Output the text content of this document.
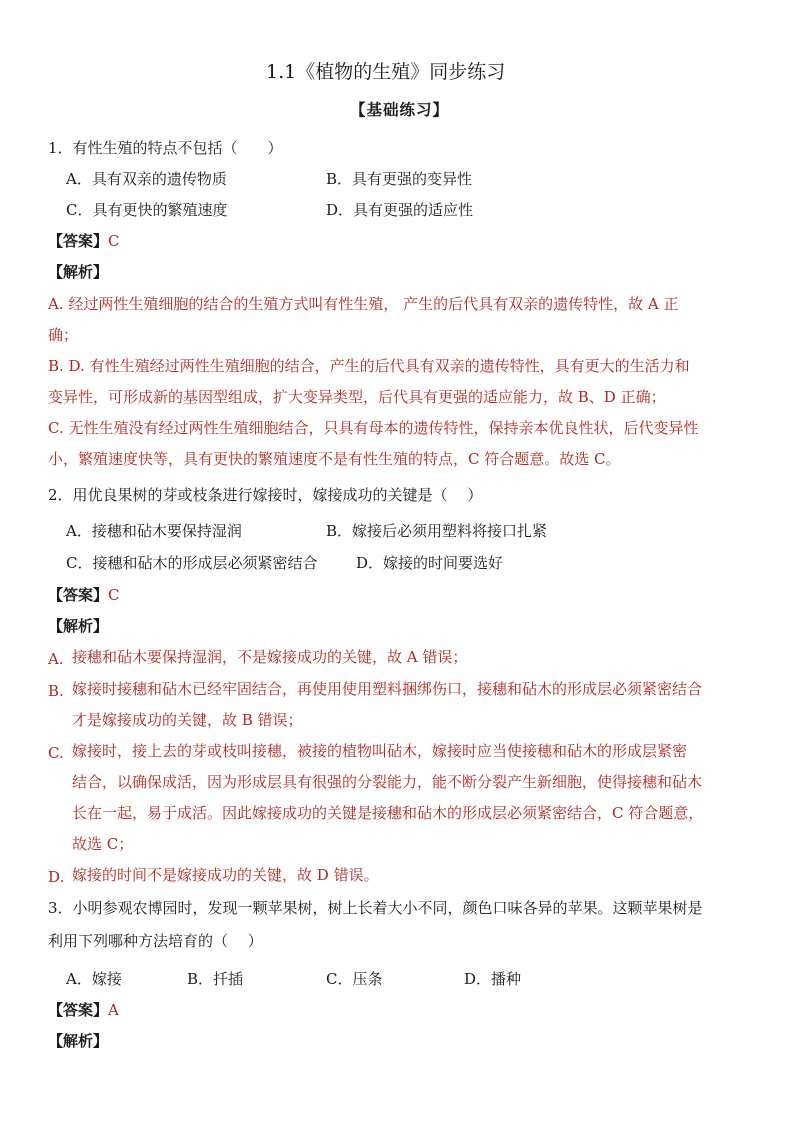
1.1《植物的生殖》同步练习
【基础练习】
1．有性生殖的特点不包括（　　）
A．具有双亲的遗传物质	B．具有更强的变异性
C．具有更快的繁殖速度	D．具有更强的适应性
【答案】C
【解析】
A. 经过两性生殖细胞的结合的生殖方式叫有性生殖， 产生的后代具有双亲的遗传特性，故 A 正
确；
B. D. 有性生殖经过两性生殖细胞的结合，产生的后代具有双亲的遗传特性，具有更大的生活力和
变异性，可形成新的基因型组成，扩大变异类型，后代具有更强的适应能力，故 B、D 正确；
C. 无性生殖没有经过两性生殖细胞结合，只具有母本的遗传特性，保持亲本优良性状，后代变异性
小，繁殖速度快等，具有更快的繁殖速度不是有性生殖的特点，C 符合题意。故选 C。
2．用优良果树的芽或枝条进行嫁接时，嫁接成功的关键是（　 ）
A．接穗和砧木要保持湿润	B．嫁接后必须用塑料将接口扎紧
C．接穗和砧木的形成层必须紧密结合	D．嫁接的时间要选好
【答案】C
【解析】
A. 接穗和砧木要保持湿润，不是嫁接成功的关键，故 A 错误；
B. 嫁接时接穗和砧木已经牢固结合，再使用使用塑料捆绑伤口，接穗和砧木的形成层必须紧密结合
才是嫁接成功的关键，故 B 错误；
C. 嫁接时，接上去的芽或枝叫接穗，被接的植物叫砧木，嫁接时应当使接穗和砧木的形成层紧密
结合，以确保成活，因为形成层具有很强的分裂能力，能不断分裂产生新细胞，使得接穗和砧木
长在一起，易于成活。因此嫁接成功的关键是接穗和砧木的形成层必须紧密结合，C 符合题意，
故选 C；
D. 嫁接的时间不是嫁接成功的关键，故 D 错误。
3．小明参观农博园时，发现一颗苹果树，树上长着大小不同，颜色口味各异的苹果。这颗苹果树是
利用下列哪种方法培育的（　 ）
A．嫁接	B．扦插	C．压条	D．播种
【答案】A
【解析】
